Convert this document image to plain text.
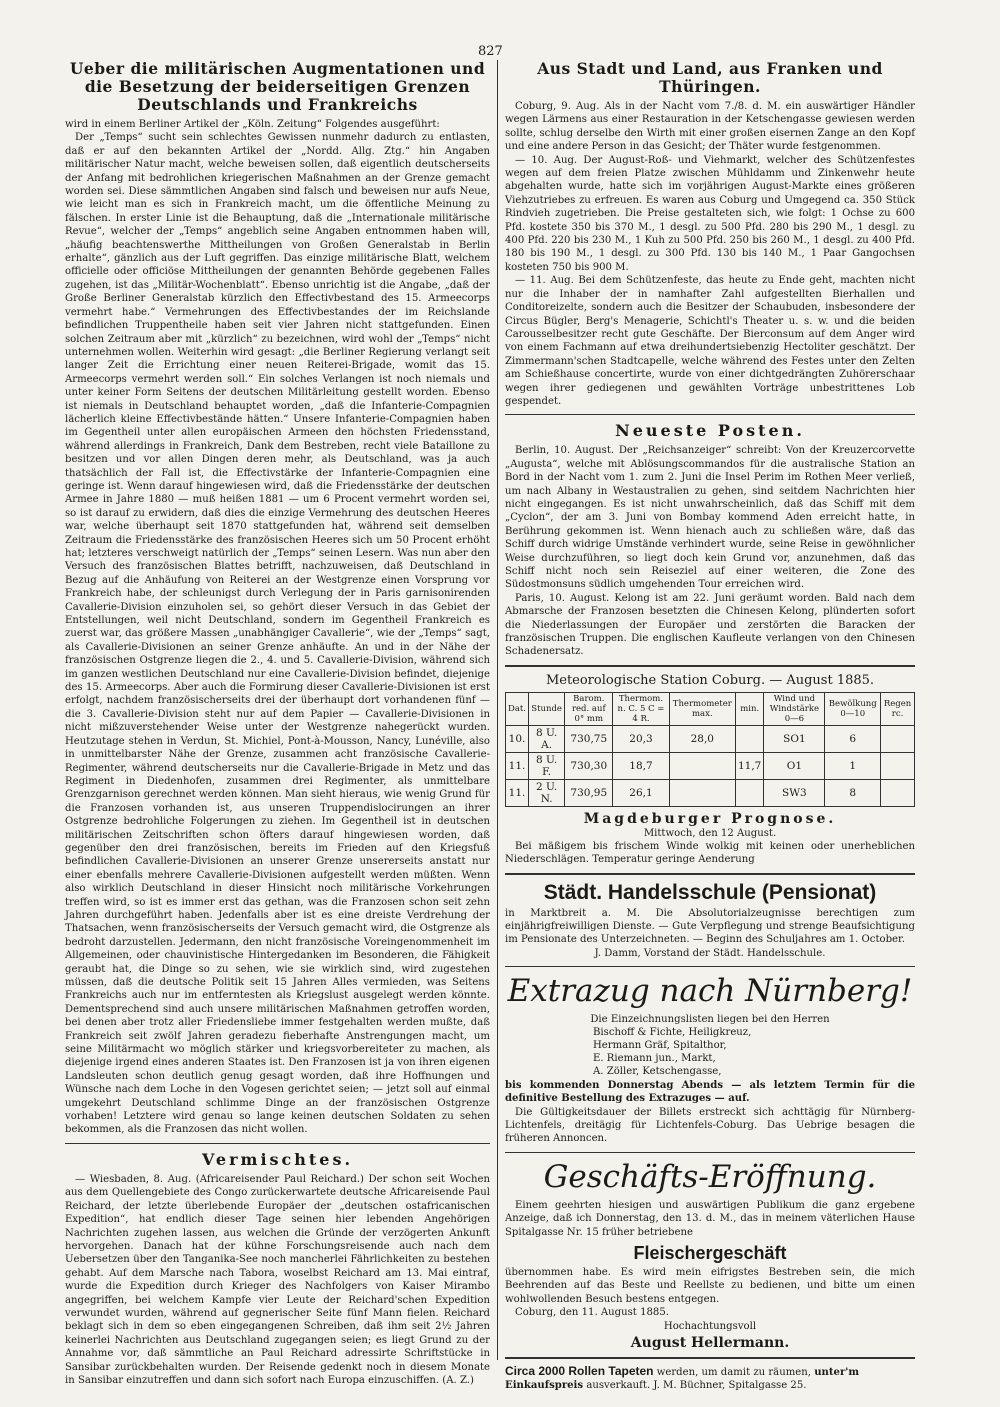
827
Ueber die militärischen Augmentationen und die Besetzung der beiderseitigen Grenzen Deutschlands und Frankreichs

wird in einem Berliner Artikel der „Köln. Zeitung“ Folgendes ausgeführt:

Der „Temps“ sucht sein schlechtes Gewissen nunmehr dadurch zu entlasten, daß er auf den bekannten Artikel der „Nordd. Allg. Ztg.“ hin Angaben militärischer Natur macht, welche beweisen sollen, daß eigentlich deutscherseits der Anfang mit bedrohlichen kriegerischen Maßnahmen an der Grenze gemacht worden sei. Diese sämmtlichen Angaben sind falsch und beweisen nur aufs Neue, wie leicht man es sich in Frankreich macht, um die öffentliche Meinung zu fälschen. In erster Linie ist die Behauptung, daß die „Internationale militärische Revue“, welcher der „Temps“ angeblich seine Angaben entnommen haben will, „häufig beachtenswerthe Mittheilungen von Großen Generalstab in Berlin erhalte“, gänzlich aus der Luft gegriffen. Das einzige militärische Blatt, welchem officielle oder officiöse Mittheilungen der genannten Behörde gegebenen Falles zugehen, ist das „Militär-Wochenblatt“. Ebenso unrichtig ist die Angabe, „daß der Große Berliner Generalstab kürzlich den Effectivbestand des 15. Armeecorps vermehrt habe.“ Vermehrungen des Effectivbestandes der im Reichslande befindlichen Truppentheile haben seit vier Jahren nicht stattgefunden. Einen solchen Zeitraum aber mit „kürzlich“ zu bezeichnen, wird wohl der „Temps“ nicht unternehmen wollen. Weiterhin wird gesagt: „die Berliner Regierung verlangt seit langer Zeit die Errichtung einer neuen Reiterei-Brigade, womit das 15. Armeecorps vermehrt werden soll.“ Ein solches Verlangen ist noch niemals und unter keiner Form Seitens der deutschen Militärleitung gestellt worden. Ebenso ist niemals in Deutschland behauptet worden, „daß die Infanterie-Compagnien lächerlich kleine Effectivbestände hätten.“ Unsere Infanterie-Compagnien haben im Gegentheil unter allen europäischen Armeen den höchsten Friedensstand, während allerdings in Frankreich, Dank dem Bestreben, recht viele Bataillone zu besitzen und vor allen Dingen deren mehr, als Deutschland, was ja auch thatsächlich der Fall ist, die Effectivstärke der Infanterie-Compagnien eine geringe ist. Wenn darauf hingewiesen wird, daß die Friedensstärke der deutschen Armee in Jahre 1880 — muß heißen 1881 — um 6 Procent vermehrt worden sei, so ist darauf zu erwidern, daß dies die einzige Vermehrung des deutschen Heeres war, welche überhaupt seit 1870 stattgefunden hat, während seit demselben Zeitraum die Friedensstärke des französischen Heeres sich um 50 Procent erhöht hat; letzteres verschweigt natürlich der „Temps“ seinen Lesern. Was nun aber den Versuch des französischen Blattes betrifft, nachzuweisen, daß Deutschland in Bezug auf die Anhäufung von Reiterei an der Westgrenze einen Vorsprung vor Frankreich habe, der schleunigst durch Verlegung der in Paris garnisonirenden Cavallerie-Division einzuholen sei, so gehört dieser Versuch in das Gebiet der Entstellungen, weil nicht Deutschland, sondern im Gegentheil Frankreich es zuerst war, das größere Massen „unabhängiger Cavallerie“, wie der „Temps“ sagt, als Cavallerie-Divisionen an seiner Grenze anhäufte. An und in der Nähe der französischen Ostgrenze liegen die 2., 4. und 5. Cavallerie-Division, während sich im ganzen westlichen Deutschland nur eine Cavallerie-Division befindet, diejenige des 15. Armeecorps. Aber auch die Formirung dieser Cavallerie-Divisionen ist erst erfolgt, nachdem französischerseits drei der überhaupt dort vorhandenen fünf — die 3. Cavallerie-Division steht nur auf dem Papier — Cavallerie-Divisionen in nicht mißzuverstehender Weise unter der Westgrenze nahegerückt wurden. Heutzutage stehen in Verdun, St. Michiel, Pont-à-Mousson, Nancy, Lunéville, also in unmittelbarster Nähe der Grenze, zusammen acht französische Cavallerie-Regimenter, während deutscherseits nur die Cavallerie-Brigade in Metz und das Regiment in Diedenhofen, zusammen drei Regimenter, als unmittelbare Grenzgarnison gerechnet werden können. Man sieht hieraus, wie wenig Grund für die Franzosen vorhanden ist, aus unseren Truppendislocirungen an ihrer Ostgrenze bedrohliche Folgerungen zu ziehen. Im Gegentheil ist in deutschen militärischen Zeitschriften schon öfters darauf hingewiesen worden, daß gegenüber den drei französischen, bereits im Frieden auf den Kriegsfuß befindlichen Cavallerie-Divisionen an unserer Grenze unsererseits anstatt nur einer ebenfalls mehrere Cavallerie-Divisionen aufgestellt werden müßten. Wenn also wirklich Deutschland in dieser Hinsicht noch militärische Vorkehrungen treffen wird, so ist es immer erst das gethan, was die Franzosen schon seit zehn Jahren durchgeführt haben. Jedenfalls aber ist es eine dreiste Verdrehung der Thatsachen, wenn französischerseits der Versuch gemacht wird, die Ostgrenze als bedroht darzustellen. Jedermann, den nicht französische Voreingenommenheit im Allgemeinen, oder chauvinistische Hintergedanken im Besonderen, die Fähigkeit geraubt hat, die Dinge so zu sehen, wie sie wirklich sind, wird zugestehen müssen, daß die deutsche Politik seit 15 Jahren Alles vermieden, was Seitens Frankreichs auch nur im entferntesten als Kriegslust ausgelegt werden könnte. Dementsprechend sind auch unsere militärischen Maßnahmen getroffen worden, bei denen aber trotz aller Friedensliebe immer festgehalten werden mußte, daß Frankreich seit zwölf Jahren geradezu fieberhafte Anstrengungen macht, um seine Militärmacht wo möglich stärker und kriegsvorbereiteter zu machen, als diejenige irgend eines anderen Staates ist. Den Franzosen ist ja von ihren eigenen Landsleuten schon deutlich genug gesagt worden, daß ihre Hoffnungen und Wünsche nach dem Loche in den Vogesen gerichtet seien; — jetzt soll auf einmal umgekehrt Deutschland schlimme Dinge an der französischen Ostgrenze vorhaben! Letztere wird genau so lange keinen deutschen Soldaten zu sehen bekommen, als die Franzosen das nicht wollen.

Vermischtes.

— Wiesbaden, 8. Aug. (Africareisender Paul Reichard.) Der schon seit Wochen aus dem Quellengebiete des Congo zurückerwartete deutsche Africareisende Paul Reichard, der letzte überlebende Europäer der „deutschen ostafricanischen Expedition“, hat endlich dieser Tage seinen hier lebenden Angehörigen Nachrichten zugehen lassen, aus welchen die Gründe der verzögerten Ankunft hervorgehen. Danach hat der kühne Forschungsreisende auch nach dem Uebersetzen über den Tanganika-See noch mancherlei Fährlichkeiten zu bestehen gehabt. Auf dem Marsche nach Tabora, woselbst Reichard am 13. Mai eintraf, wurde die Expedition durch Krieger des Nachfolgers von Kaiser Mirambo angegriffen, bei welchem Kampfe vier Leute der Reichard'schen Expedition verwundet wurden, während auf gegnerischer Seite fünf Mann fielen. Reichard beklagt sich in dem so eben eingegangenen Schreiben, daß ihm seit 2½ Jahren keinerlei Nachrichten aus Deutschland zugegangen seien; es liegt Grund zu der Annahme vor, daß sämmtliche an Paul Reichard adressirte Schriftstücke in Sansibar zurückbehalten wurden. Der Reisende gedenkt noch in diesem Monate in Sansibar einzutreffen und dann sich sofort nach Europa einzuschiffen. (A. Z.)

Aus Stadt und Land, aus Franken und Thüringen.

Coburg, 9. Aug. Als in der Nacht vom 7./8. d. M. ein auswärtiger Händler wegen Lärmens aus einer Restauration in der Ketschengasse gewiesen werden sollte, schlug derselbe den Wirth mit einer großen eisernen Zange an den Kopf und eine andere Person in das Gesicht; der Thäter wurde festgenommen.

— 10. Aug. Der August-Roß- und Viehmarkt, welcher des Schützenfestes wegen auf dem freien Platze zwischen Mühldamm und Zinkenwehr heute abgehalten wurde, hatte sich im vorjährigen August-Markte eines größeren Viehzutriebes zu erfreuen. Es waren aus Coburg und Umgegend ca. 350 Stück Rindvieh zugetrieben. Die Preise gestalteten sich, wie folgt: 1 Ochse zu 600 Pfd. kostete 350 bis 370 M., 1 desgl. zu 500 Pfd. 280 bis 290 M., 1 desgl. zu 400 Pfd. 220 bis 230 M., 1 Kuh zu 500 Pfd. 250 bis 260 M., 1 desgl. zu 400 Pfd. 180 bis 190 M., 1 desgl. zu 300 Pfd. 130 bis 140 M., 1 Paar Gangochsen kosteten 750 bis 900 M.

— 11. Aug. Bei dem Schützenfeste, das heute zu Ende geht, machten nicht nur die Inhaber der in namhafter Zahl aufgestellten Bierhallen und Conditoreizelte, sondern auch die Besitzer der Schaubuden, insbesondere der Circus Bügler, Berg's Menagerie, Schichtl's Theater u. s. w. und die beiden Carousselbesitzer recht gute Geschäfte. Der Bierconsum auf dem Anger wird von einem Fachmann auf etwa dreihundertsiebenzig Hectoliter geschätzt. Der Zimmermann'schen Stadtcapelle, welche während des Festes unter den Zelten am Schießhause concertirte, wurde von einer dichtgedrängten Zuhörerschaar wegen ihrer gediegenen und gewählten Vorträge unbestrittenes Lob gespendet.

Neueste Posten.

Berlin, 10. August. Der „Reichsanzeiger“ schreibt: Von der Kreuzercorvette „Augusta“, welche mit Ablösungscommandos für die australische Station an Bord in der Nacht vom 1. zum 2. Juni die Insel Perim im Rothen Meer verließ, um nach Albany in Westaustralien zu gehen, sind seitdem Nachrichten hier nicht eingegangen. Es ist nicht unwahrscheinlich, daß das Schiff mit dem „Cyclon“, der am 3. Juni von Bombay kommend Aden erreicht hatte, in Berührung gekommen ist. Wenn hienach auch zu schließen wäre, daß das Schiff durch widrige Umstände verhindert wurde, seine Reise in gewöhnlicher Weise durchzuführen, so liegt doch kein Grund vor, anzunehmen, daß das Schiff nicht noch sein Reiseziel auf einer weiteren, die Zone des Südostmonsuns südlich umgehenden Tour erreichen wird.

Paris, 10. August. Kelong ist am 22. Juni geräumt worden. Bald nach dem Abmarsche der Franzosen besetzten die Chinesen Kelong, plünderten sofort die Niederlassungen der Europäer und zerstörten die Baracken der französischen Truppen. Die englischen Kaufleute verlangen von den Chinesen Schadenersatz.

Meteorologische Station Coburg. — August 1885.
Dat.	Stunde	Barom. red. auf 0° mm	Thermom. n. C. 5 C = 4 R.	Thermometer max.	min.	Wind und Windstärke 0—6	Bewölkung 0—10	Regen rc.
10.	8 U. A.	730,75	20,3	28,0		SO1	6	
11.	8 U. F.	730,30	18,7		11,7	O1	1	
11.	2 U. N.	730,95	26,1			SW3	8	
Magdeburger Prognose.
Mittwoch, den 12 August.

Bei mäßigem bis frischem Winde wolkig mit keinen oder unerheblichen Niederschlägen. Temperatur geringe Aenderung

Städt. Handelsschule (Pensionat)

in Marktbreit a. M. Die Absolutorialzeugnisse berechtigen zum einjährigfreiwilligen Dienste. — Gute Verpflegung und strenge Beaufsichtigung im Pensionate des Unterzeichneten. — Beginn des Schuljahres am 1. October.

J. Damm, Vorstand der Städt. Handelsschule.
Extrazug nach Nürnberg!
Die Einzeichnungslisten liegen bei den Herren
Bischoff & Fichte, Heiligkreuz,
Hermann Gräf, Spitalthor,
E. Riemann jun., Markt,
A. Zöller, Ketschengasse,

bis kommenden Donnerstag Abends — als letztem Termin für die definitive Bestellung des Extrazuges — auf.

Die Gültigkeitsdauer der Billets erstreckt sich achttägig für Nürnberg-Lichtenfels, dreitägig für Lichtenfels-Coburg. Das Uebrige besagen die früheren Annoncen.

Geschäfts-Eröffnung.

Einem geehrten hiesigen und auswärtigen Publikum die ganz ergebene Anzeige, daß ich Donnerstag, den 13. d. M., das in meinem väterlichen Hause Spitalgasse Nr. 15 früher betriebene

Fleischergeschäft

übernommen habe. Es wird mein eifrigstes Bestreben sein, die mich Beehrenden auf das Beste und Reellste zu bedienen, und bitte um einen wohlwollenden Besuch bestens entgegen.

Coburg, den 11. August 1885.

Hochachtungsvoll
August Hellermann.
Circa 2000 Rollen Tapeten werden, um damit zu räumen, unter'm Einkaufspreis ausverkauft. J. M. Büchner, Spitalgasse 25.
